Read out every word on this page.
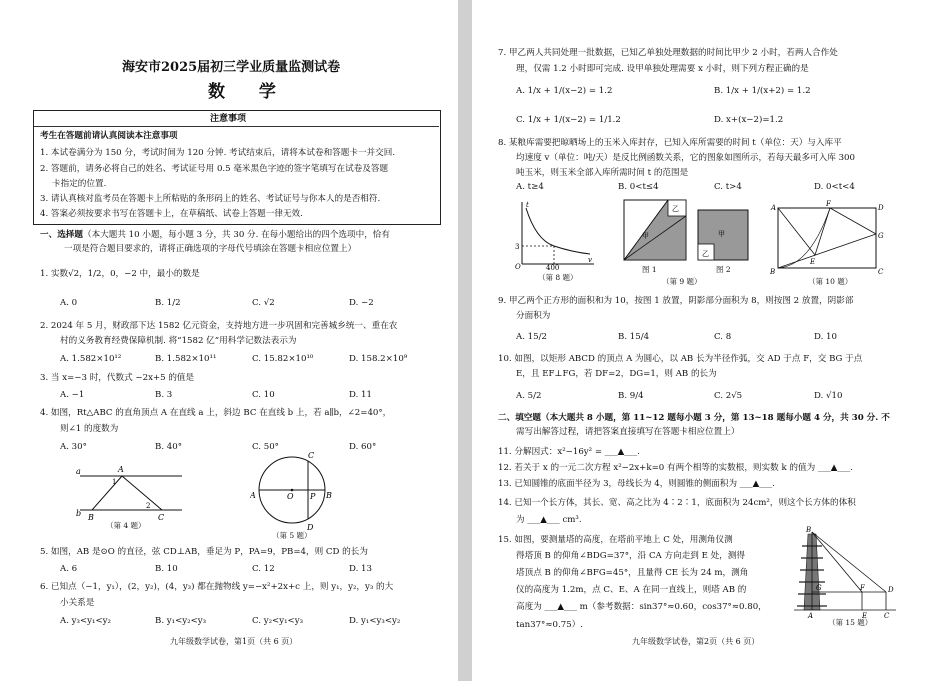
海安市2025届初三学业质量监测试卷
数 学
注意事项
考生在答题前请认真阅读本注意事项
1. 本试卷满分为 150 分，考试时间为 120 分钟. 考试结束后，请将本试卷和答题卡一并交回.
2. 答题前，请务必将自己的姓名、考试证号用 0.5 毫米黑色字迹的签字笔填写在试卷及答题
卡指定的位置.
3. 请认真核对监考员在答题卡上所粘贴的条形码上的姓名、考试证号与你本人的是否相符.
4. 答案必须按要求书写在答题卡上，在草稿纸、试卷上答题一律无效.
一、选择题（本大题共 10 小题，每小题 3 分，共 30 分. 在每小题给出的四个选项中，恰有
一项是符合题目要求的，请将正确选项的字母代号填涂在答题卡相应位置上）
1. 实数√2，1/2，0，−2 中，最小的数是
A. 0	B. 1/2	C. √2	D. −2
2. 2024 年 5 月，财政部下达 1582 亿元资金，支持地方进一步巩固和完善城乡统一、重在农
村的义务教育经费保障机制. 将“1582 亿”用科学记数法表示为
A. 1.582×10¹²	B. 1.582×10¹¹	C. 15.82×10¹⁰	D. 158.2×10⁹
3. 当 x=−3 时，代数式 −2x+5 的值是
A. −1	B. 3	C. 10	D. 11
4. 如图，Rt△ABC 的直角顶点 A 在直线 a 上，斜边 BC 在直线 b 上，若 a∥b，∠2=40°，
则∠1 的度数为
A. 30°	B. 40°	C. 50°	D. 60°
a
b
A
B	C
1
2
（第 4 题）
A	B
O P
C
D
（第 5 题）
5. 如图，AB 是⊙O 的直径，弦 CD⊥AB，垂足为 P，PA=9，PB=4，则 CD 的长为
A. 6	B. 10	C. 12	D. 13
6. 已知点（−1，y₁），(2，y₂)，(4，y₃) 都在抛物线 y=−x²+2x+c 上，则 y₁，y₂，y₃ 的大
小关系是
A. y₃<y₁<y₂	B. y₁<y₂<y₃	C. y₂<y₁<y₃	D. y₁<y₃<y₂
九年级数学试卷，第1页（共 6 页）
7. 甲乙两人共同处理一批数据，已知乙单独处理数据的时间比甲少 2 小时，若两人合作处
理，仅需 1.2 小时即可完成. 设甲单独处理需要 x 小时，则下列方程正确的是
A. 1/x + 1/(x−2) = 1.2	B. 1/x + 1/(x+2) = 1.2
C. 1/x + 1/(x−2) = 1/1.2	D. x+(x−2)=1.2
8. 某粮库需要把晾晒场上的玉米入库封存，已知入库所需要的时间 t（单位：天）与入库平
均速度 v（单位：吨/天）是反比例函数关系，它的图象如图所示，若每天最多可入库 300
吨玉米，则玉米全部入库所需时间 t 的范围是
A. t≥4	B. 0<t≤4	C. t>4	D. 0<t<4
t
v
3
O	400
（第 8 题）
甲
乙
图 1
甲
乙
图 2
（第 9 题）
A	F	D
G
E
B	C
（第 10 题）
9. 甲乙两个正方形的面积和为 10，按图 1 放置，阴影部分面积为 8，则按图 2 放置，阴影部
分面积为
A. 15/2	B. 15/4	C. 8	D. 10
10. 如图，以矩形 ABCD 的顶点 A 为圆心，以 AB 长为半径作弧，交 AD 于点 F，交 BG 于点
E，且 EF⊥FG，若 DF=2，DG=1，则 AB 的长为
A. 5/2	B. 9/4	C. 2√5	D. √10
二、填空题（本大题共 8 小题，第 11~12 题每小题 3 分，第 13~18 题每小题 4 分，共 30 分. 不
需写出解答过程，请把答案直接填写在答题卡相应位置上）
11. 分解因式：x²−16y² = ___▲___.
12. 若关于 x 的一元二次方程 x²−2x+k=0 有两个相等的实数根，则实数 k 的值为 ___▲___.
13. 已知圆锥的底面半径为 3，母线长为 4，则圆锥的侧面积为 ___▲___.
14. 已知一个长方体，其长、宽、高之比为 4∶2∶1，底面积为 24cm²，则这个长方体的体积
为 ___▲___ cm³.
15. 如图，要测量塔的高度，在塔前平地上 C 处，用测角仪测
得塔顶 B 的仰角∠BDG=37°，沿 CA 方向走到 E 处，测得
塔顶点 B 的仰角∠BFG=45°，且量得 CE 长为 24 m，测角
仪的高度为 1.2m，点 C、E、A 在同一直线上，则塔 AB 的
高度为 ___▲___ m（参考数据：sin37°≈0.60，cos37°≈0.80，
tan37°≈0.75）.
B
G	F	D
A	E C
（第 15 题）
九年级数学试卷，第2页（共 6 页）
